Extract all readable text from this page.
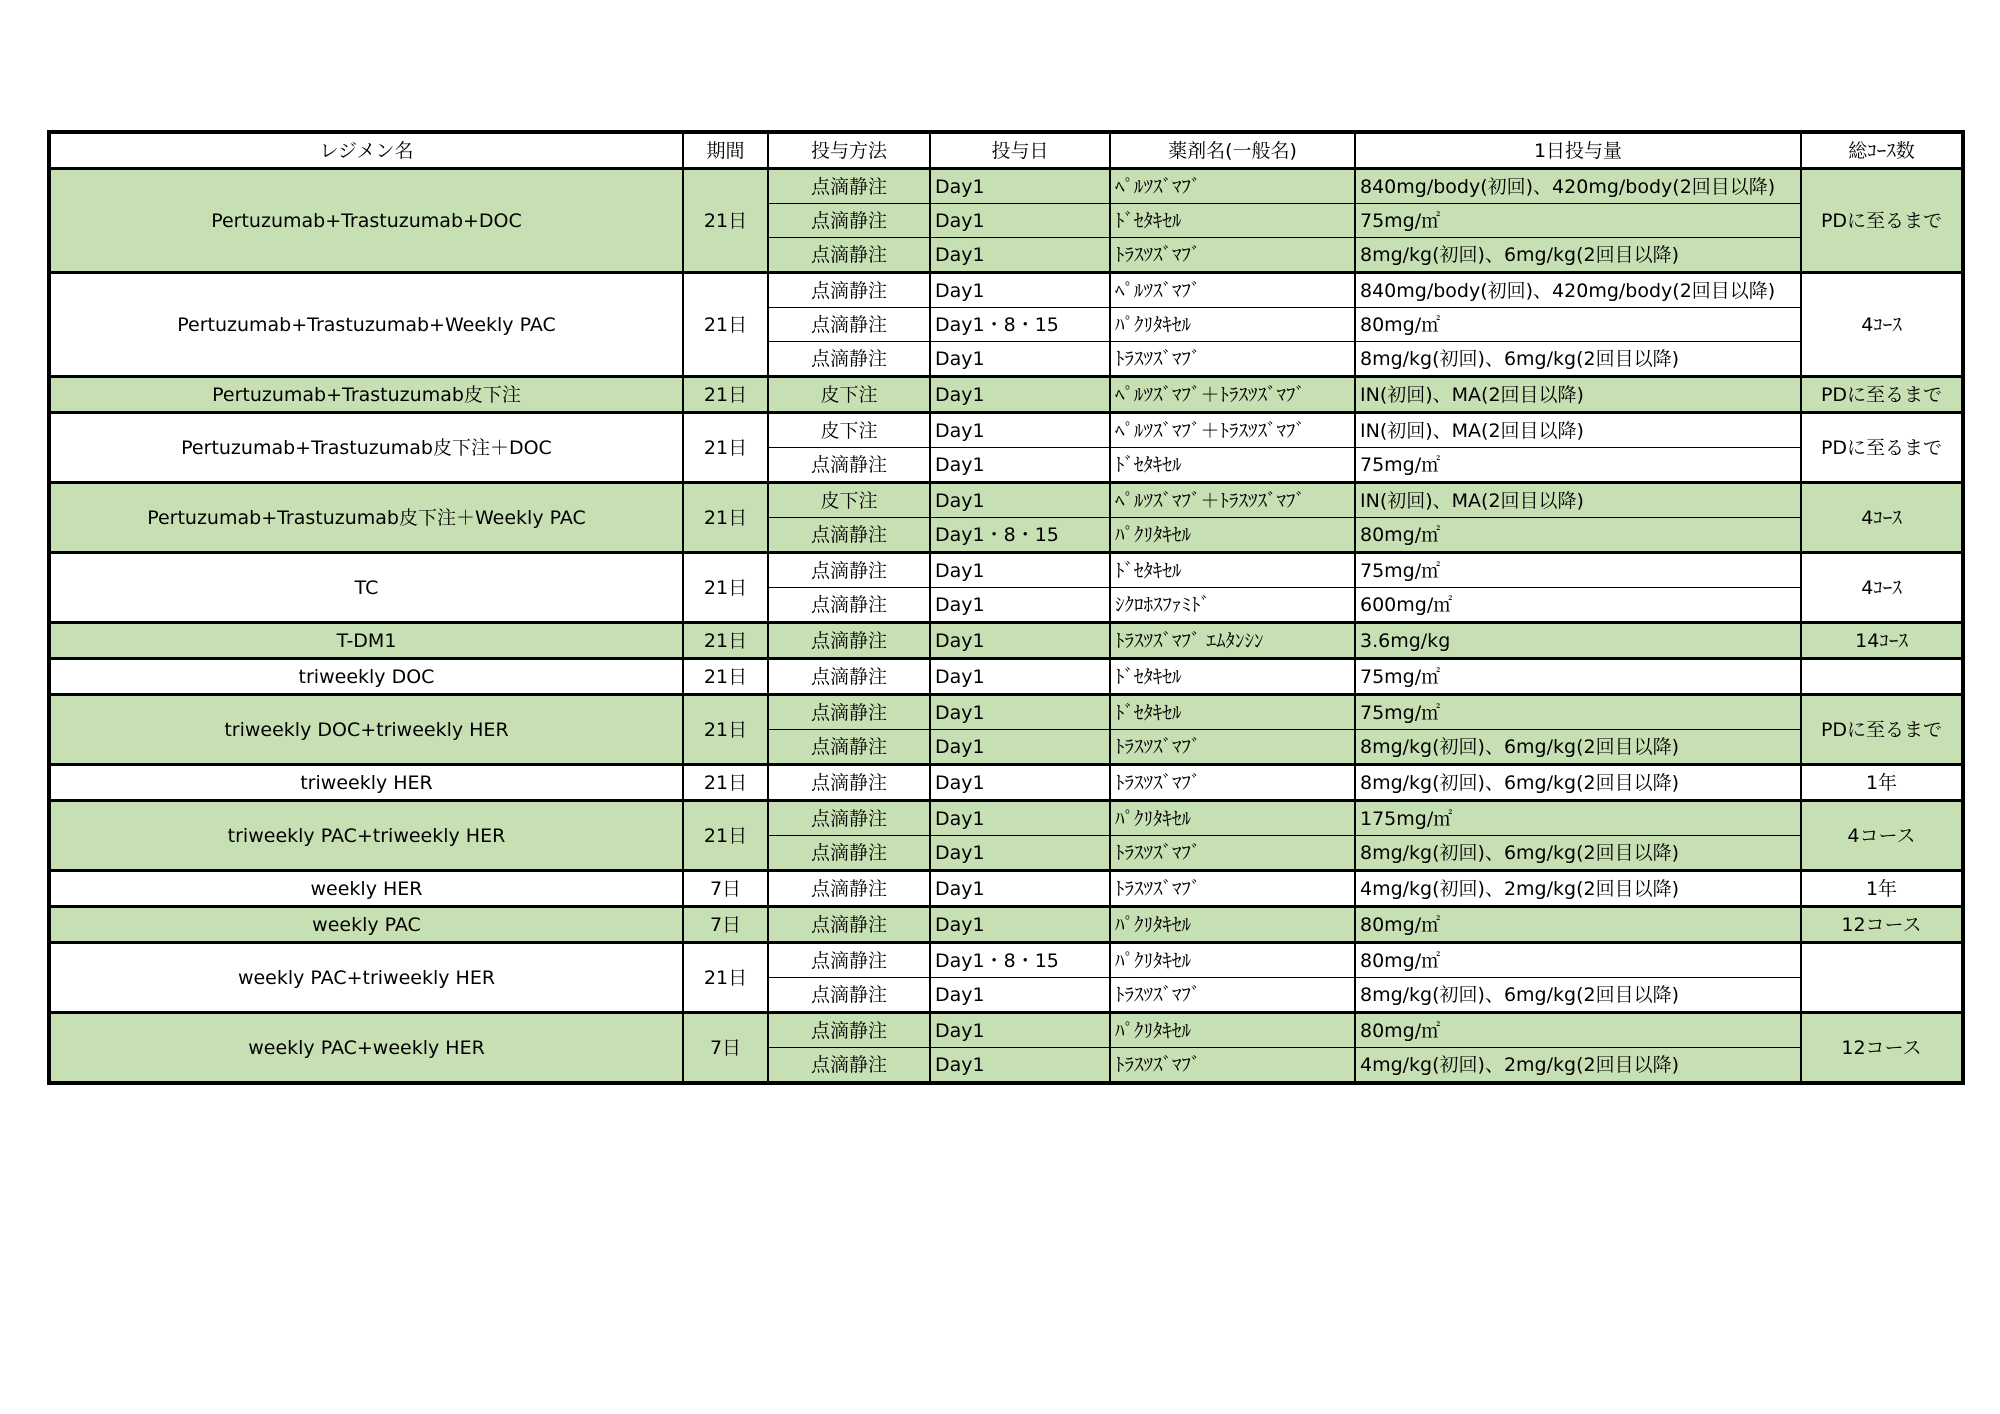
レジメン名	期間	投与方法	投与日	薬剤名(一般名)	1日投与量	総ｺｰｽ数
Pertuzumab+Trastuzumab+DOC	21日	点滴静注	Day1	ﾍﾟﾙﾂｽﾞﾏﾌﾞ	840mg/body(初回)、420mg/body(2回目以降)	PDに至るまで
		点滴静注	Day1	ﾄﾞｾﾀｷｾﾙ	75mg/㎡	
		点滴静注	Day1	ﾄﾗｽﾂｽﾞﾏﾌﾞ	8mg/kg(初回)、6mg/kg(2回目以降)	
Pertuzumab+Trastuzumab+Weekly PAC	21日	点滴静注	Day1	ﾍﾟﾙﾂｽﾞﾏﾌﾞ	840mg/body(初回)、420mg/body(2回目以降)	4ｺｰｽ
		点滴静注	Day1・8・15	ﾊﾟｸﾘﾀｷｾﾙ	80mg/㎡	
		点滴静注	Day1	ﾄﾗｽﾂｽﾞﾏﾌﾞ	8mg/kg(初回)、6mg/kg(2回目以降)	
Pertuzumab+Trastuzumab皮下注	21日	皮下注	Day1	ﾍﾟﾙﾂｽﾞﾏﾌﾞ＋ﾄﾗｽﾂｽﾞﾏﾌﾞ	IN(初回)、MA(2回目以降)	PDに至るまで
Pertuzumab+Trastuzumab皮下注＋DOC	21日	皮下注	Day1	ﾍﾟﾙﾂｽﾞﾏﾌﾞ＋ﾄﾗｽﾂｽﾞﾏﾌﾞ	IN(初回)、MA(2回目以降)	PDに至るまで
		点滴静注	Day1	ﾄﾞｾﾀｷｾﾙ	75mg/㎡	
Pertuzumab+Trastuzumab皮下注＋Weekly PAC	21日	皮下注	Day1	ﾍﾟﾙﾂｽﾞﾏﾌﾞ＋ﾄﾗｽﾂｽﾞﾏﾌﾞ	IN(初回)、MA(2回目以降)	4ｺｰｽ
		点滴静注	Day1・8・15	ﾊﾟｸﾘﾀｷｾﾙ	80mg/㎡	
TC	21日	点滴静注	Day1	ﾄﾞｾﾀｷｾﾙ	75mg/㎡	4ｺｰｽ
		点滴静注	Day1	ｼｸﾛﾎｽﾌｧﾐﾄﾞ	600mg/㎡	
T-DM1	21日	点滴静注	Day1	ﾄﾗｽﾂｽﾞﾏﾌﾞ ｴﾑﾀﾝｼﾝ	3.6mg/kg	14ｺｰｽ
triweekly DOC	21日	点滴静注	Day1	ﾄﾞｾﾀｷｾﾙ	75mg/㎡	
triweekly DOC+triweekly HER	21日	点滴静注	Day1	ﾄﾞｾﾀｷｾﾙ	75mg/㎡	PDに至るまで
		点滴静注	Day1	ﾄﾗｽﾂｽﾞﾏﾌﾞ	8mg/kg(初回)、6mg/kg(2回目以降)	
triweekly HER	21日	点滴静注	Day1	ﾄﾗｽﾂｽﾞﾏﾌﾞ	8mg/kg(初回)、6mg/kg(2回目以降)	1年
triweekly PAC+triweekly HER	21日	点滴静注	Day1	ﾊﾟｸﾘﾀｷｾﾙ	175mg/㎡	4コース
		点滴静注	Day1	ﾄﾗｽﾂｽﾞﾏﾌﾞ	8mg/kg(初回)、6mg/kg(2回目以降)	
weekly HER	7日	点滴静注	Day1	ﾄﾗｽﾂｽﾞﾏﾌﾞ	4mg/kg(初回)、2mg/kg(2回目以降)	1年
weekly PAC	7日	点滴静注	Day1	ﾊﾟｸﾘﾀｷｾﾙ	80mg/㎡	12コース
weekly PAC+triweekly HER	21日	点滴静注	Day1・8・15	ﾊﾟｸﾘﾀｷｾﾙ	80mg/㎡	
		点滴静注	Day1	ﾄﾗｽﾂｽﾞﾏﾌﾞ	8mg/kg(初回)、6mg/kg(2回目以降)	
weekly PAC+weekly HER	7日	点滴静注	Day1	ﾊﾟｸﾘﾀｷｾﾙ	80mg/㎡	12コース
		点滴静注	Day1	ﾄﾗｽﾂｽﾞﾏﾌﾞ	4mg/kg(初回)、2mg/kg(2回目以降)	
